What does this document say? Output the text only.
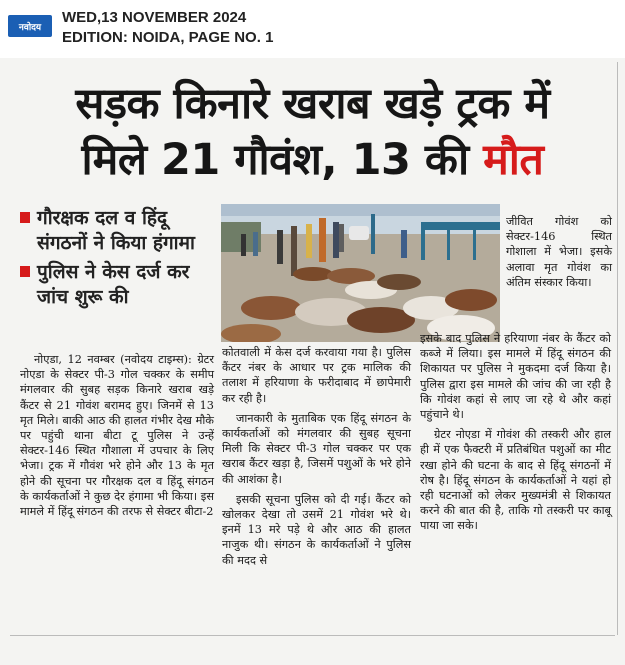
नवोदय
WED,13 NOVEMBER 2024
EDITION: NOIDA, PAGE NO. 1
सड़क किनारे खराब खड़े ट्रक में
मिले 21 गौवंश, 13 की मौत
गौरक्षक दल व हिंदू संगठनों ने किया हंगामा
पुलिस ने केस दर्ज कर जांच शुरू की
नोएडा, 12 नवम्बर (नवोदय टाइम्स): ग्रेटर नोएडा के सेक्टर पी-3 गोल चक्कर के समीप मंगलवार की सुबह सड़क किनारे खराब खड़े कैंटर से 21 गोवंश बरामद हुए। जिनमें से 13 मृत मिले। बाकी आठ की हालत गंभीर देख मौके पर पहुंची थाना बीटा टू पुलिस ने उन्हें सेक्टर-146 स्थित गौशाला में उपचार के लिए भेजा। ट्रक में गौवंश भरे होने और 13 के मृत होने की सूचना पर गौरक्षक दल व हिंदू संगठन के कार्यकर्ताओं ने कुछ देर हंगामा भी किया। इस मामले में हिंदू संगठन की तरफ से सेक्टर बीटा-2

कोतवाली में केस दर्ज करवाया गया है। पुलिस कैंटर नंबर के आधार पर ट्रक मालिक की तलाश में हरियाणा के फरीदाबाद में छापेमारी कर रही है।

जानकारी के मुताबिक एक हिंदू संगठन के कार्यकर्ताओं को मंगलवार की सुबह सूचना मिली कि सेक्टर पी-3 गोल चक्कर पर एक खराब कैंटर खड़ा है, जिसमें पशुओं के भरे होने की आशंका है।

इसकी सूचना पुलिस को दी गई। कैंटर को खोलकर देखा तो उसमें 21 गोवंश भरे थे। इनमें 13 मरे पड़े थे और आठ की हालत नाजुक थी। संगठन के कार्यकर्ताओं ने पुलिस की मदद से

जीवित गोवंश को सेक्टर-146 स्थित गोशाला में भेजा। इसके अलावा मृत गोवंश का अंतिम संस्कार किया।

इसके बाद पुलिस ने हरियाणा नंबर के कैंटर को कब्जे में लिया। इस मामले में हिंदू संगठन की शिकायत पर पुलिस ने मुकदमा दर्ज किया है। पुलिस द्वारा इस मामले की जांच की जा रही है कि गोवंश कहां से लाए जा रहे थे और कहां पहुंचाने थे।

ग्रेटर नोएडा में गोवंश की तस्करी और हाल ही में एक फैक्टरी में प्रतिबंधित पशुओं का मीट रखा होने की घटना के बाद से हिंदू संगठनों में रोष है। हिंदू संगठन के कार्यकर्ताओं ने यहां हो रही घटनाओं को लेकर मुख्यमंत्री से शिकायत करने की बात की है, ताकि गो तस्करी पर काबू पाया जा सके।
